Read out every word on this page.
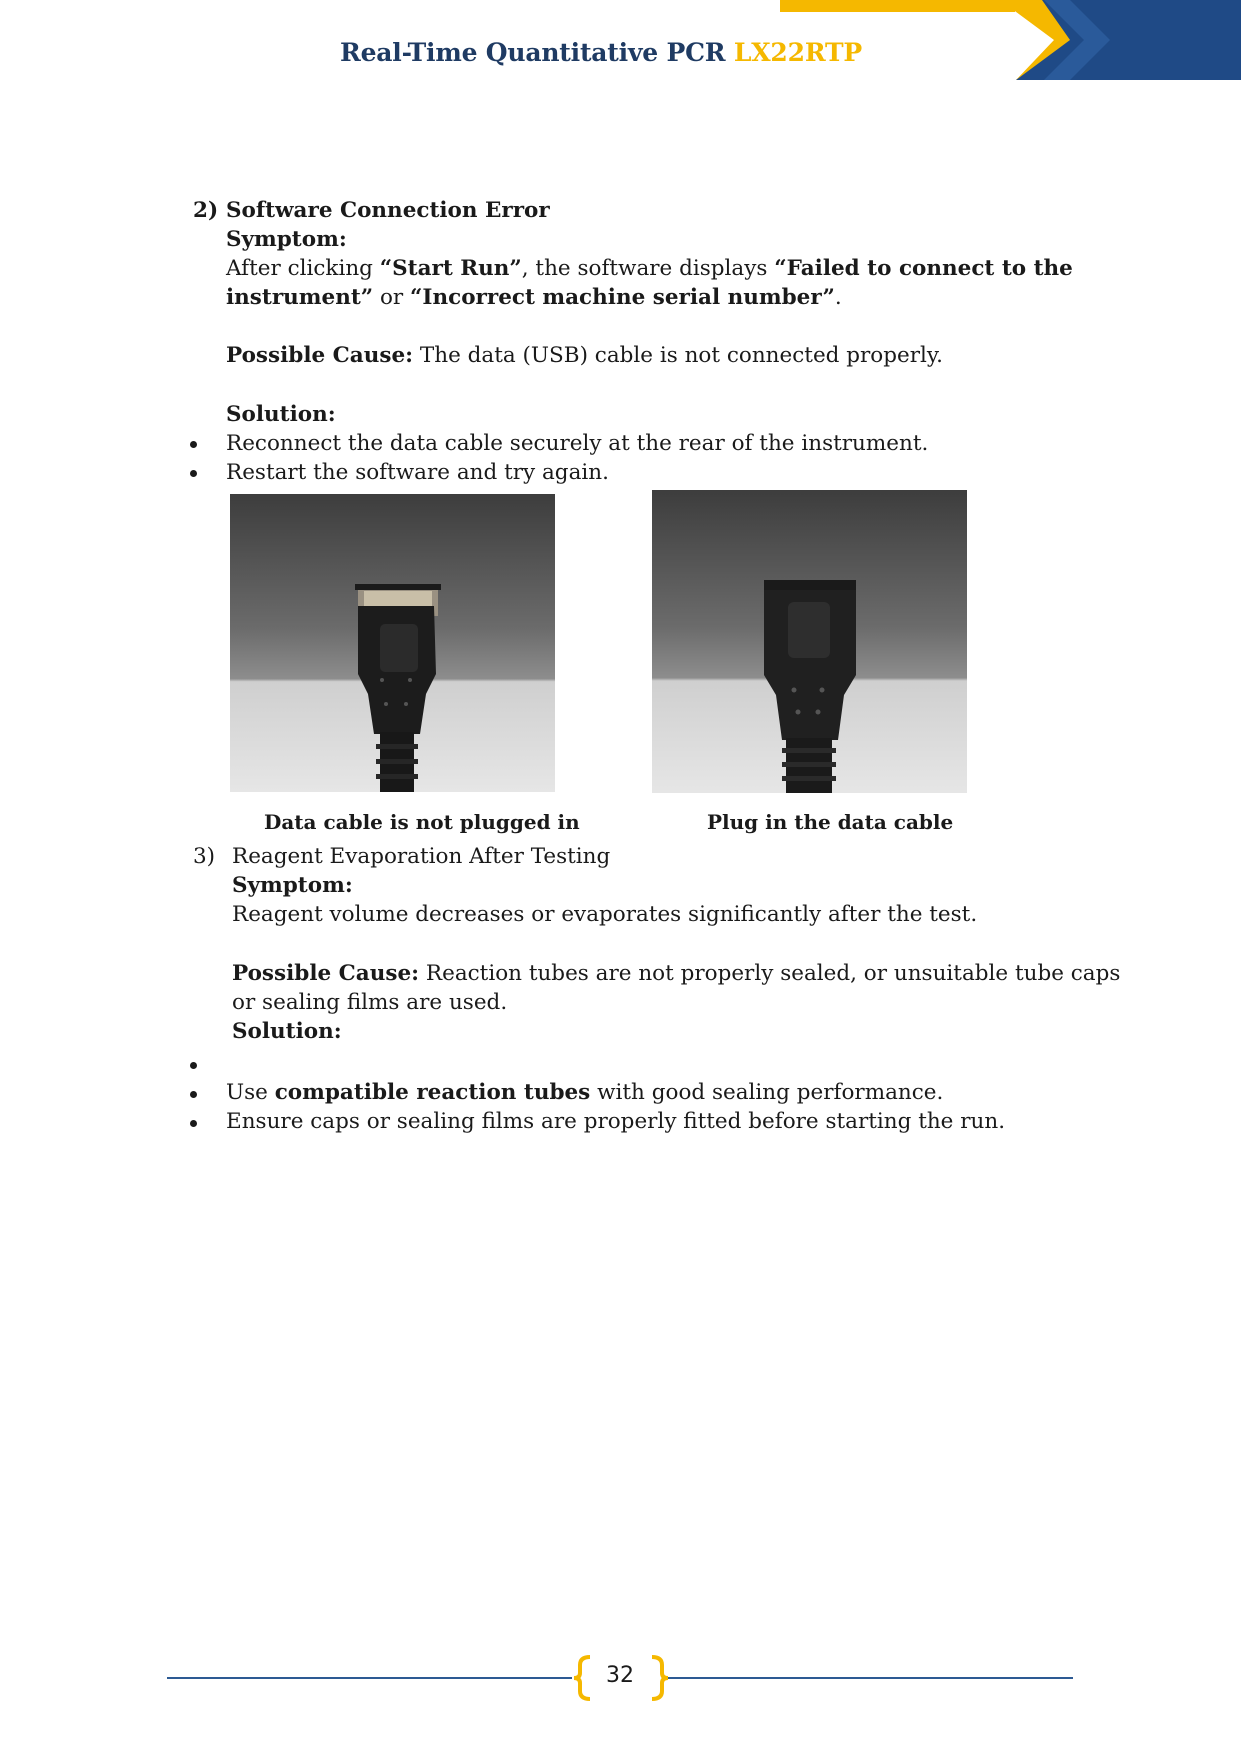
Real-Time Quantitative PCR LX22RTP
2) Software Connection Error
Symptom:
After clicking “Start Run”, the software displays “Failed to connect to the
instrument” or “Incorrect machine serial number”.
Possible Cause: The data (USB) cable is not connected properly.
Solution:
Reconnect the data cable securely at the rear of the instrument.
Restart the software and try again.
Data cable is not plugged in	Plug in the data cable
3) Reagent Evaporation After Testing
Symptom:
Reagent volume decreases or evaporates significantly after the test.
Possible Cause: Reaction tubes are not properly sealed, or unsuitable tube caps
or sealing films are used.
Solution:
Use compatible reaction tubes with good sealing performance.
Ensure caps or sealing films are properly fitted before starting the run.
32
